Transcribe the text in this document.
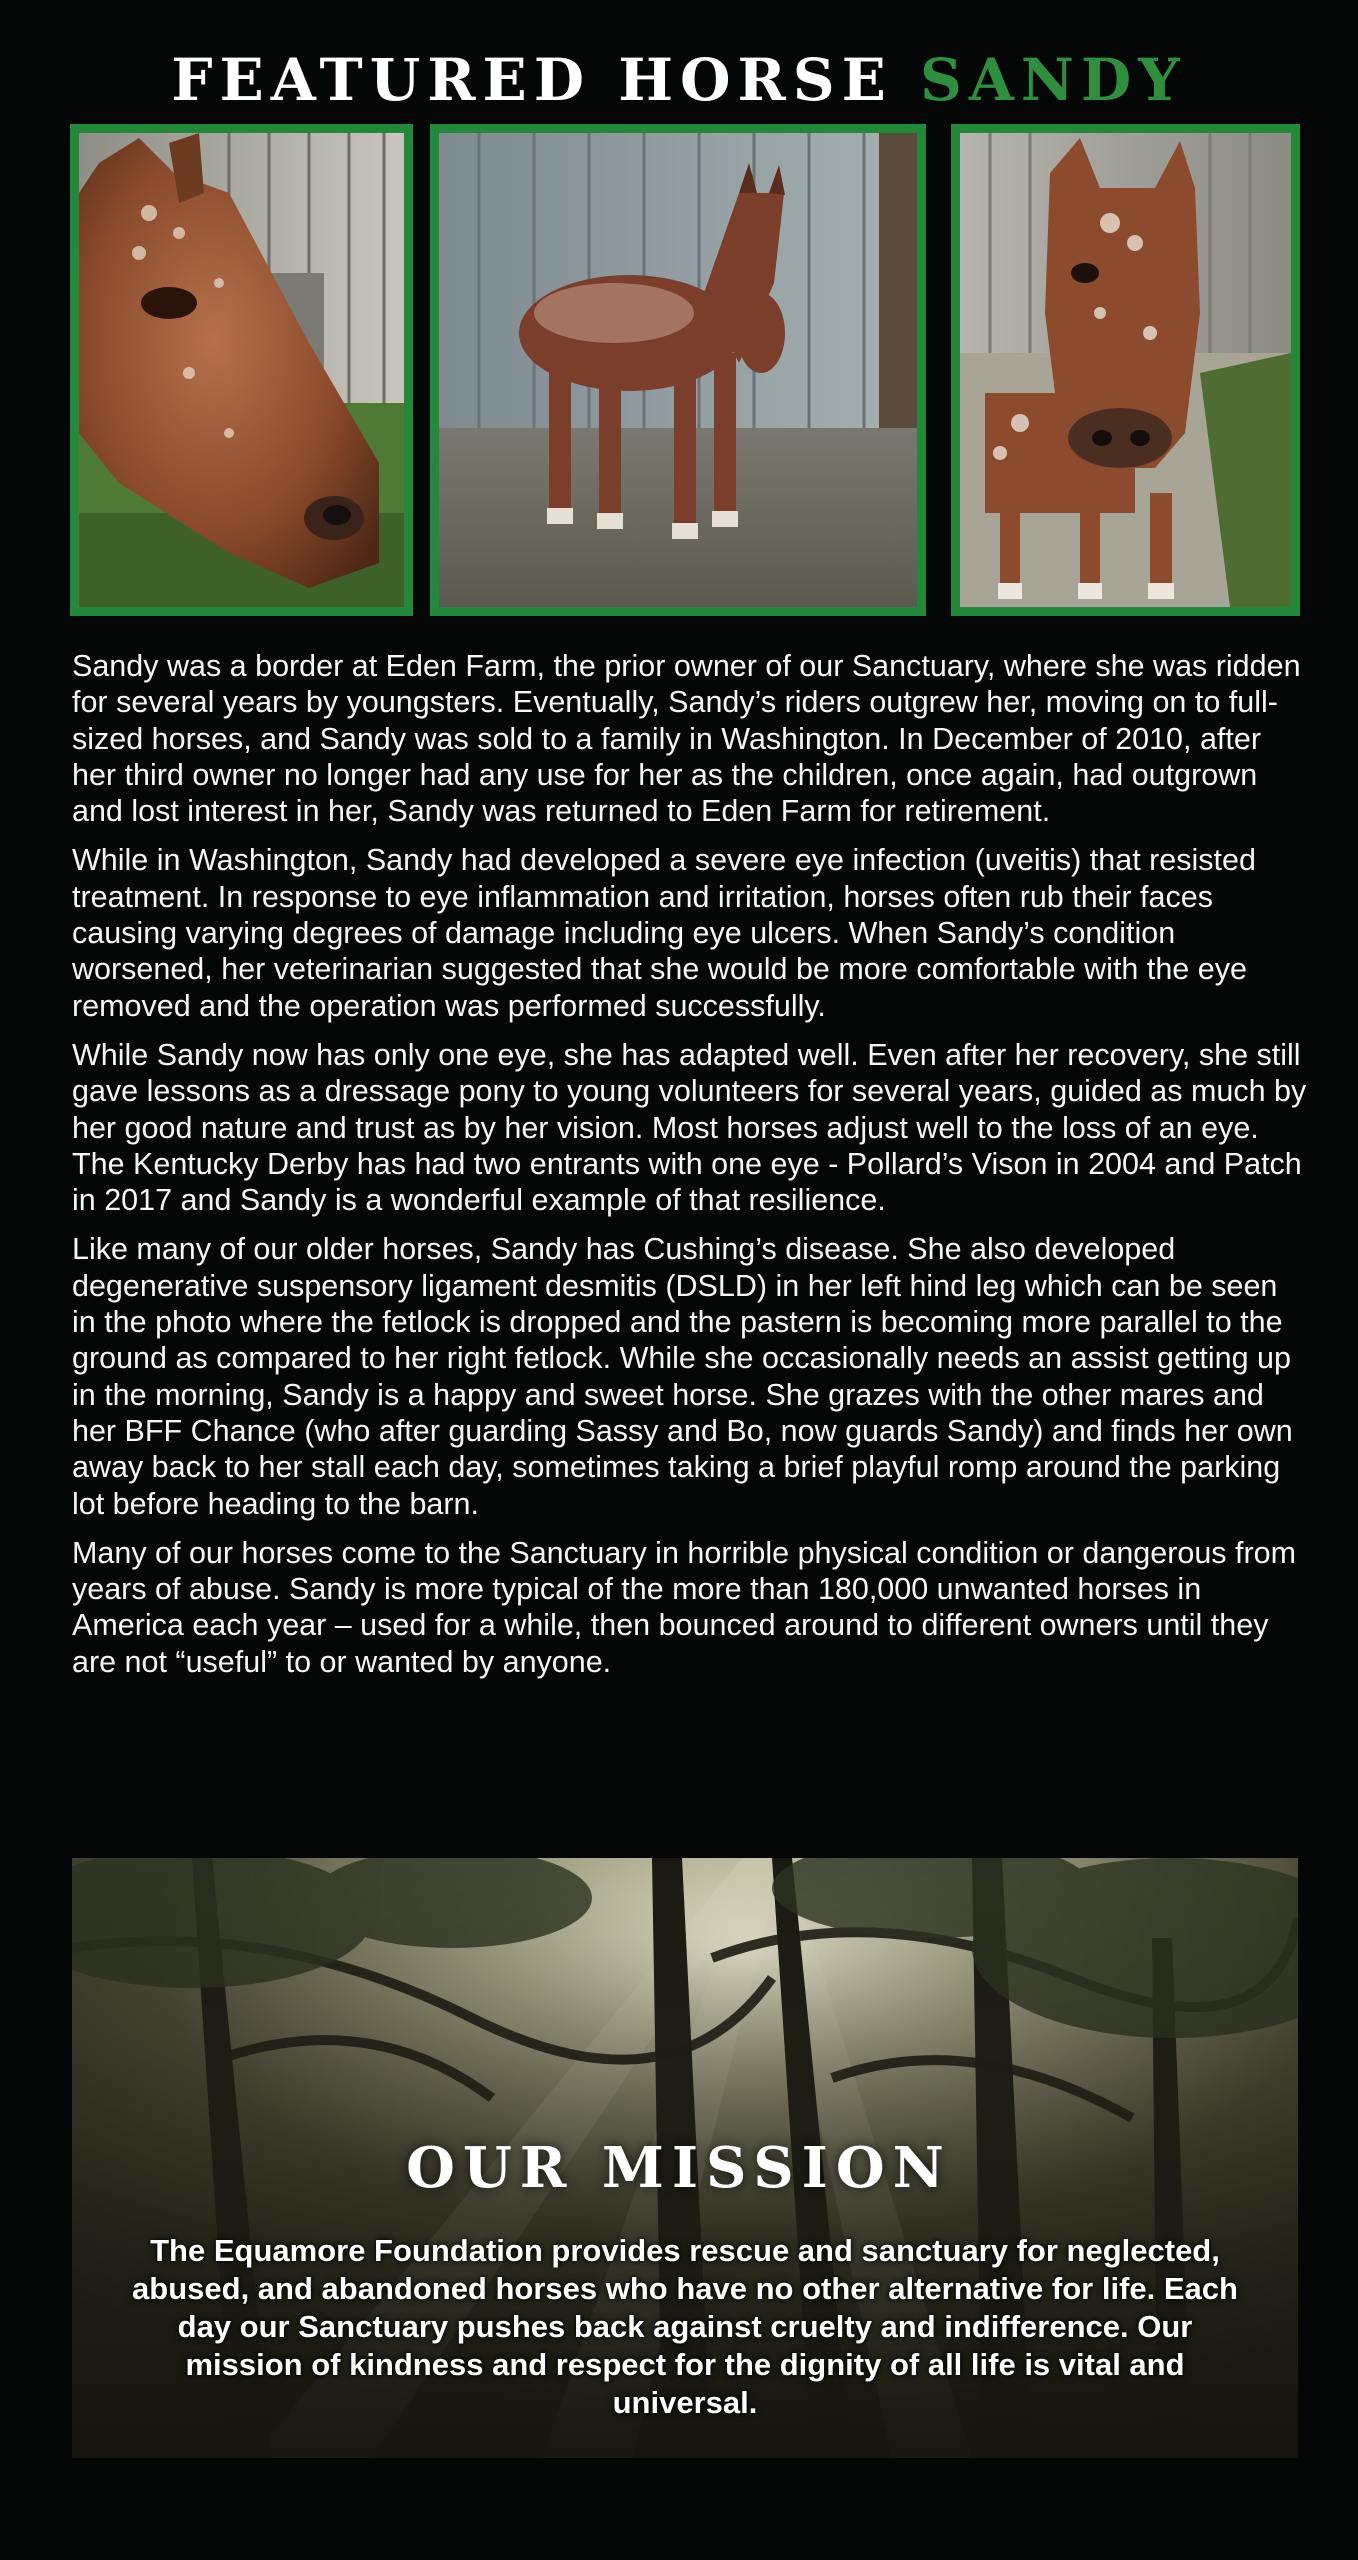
FEATURED HORSE SANDY

Sandy was a border at Eden Farm, the prior owner of our Sanctuary, where she was ridden for several years by youngsters. Eventually, Sandy’s riders outgrew her, moving on to full-sized horses, and Sandy was sold to a family in Washington. In December of 2010, after her third owner no longer had any use for her as the children, once again, had outgrown and lost interest in her, Sandy was returned to Eden Farm for retirement.

While in Washington, Sandy had developed a severe eye infection (uveitis) that resisted treatment. In response to eye inflammation and irritation, horses often rub their faces causing varying degrees of damage including eye ulcers. When Sandy’s condition worsened, her veterinarian suggested that she would be more comfortable with the eye removed and the operation was performed successfully.

While Sandy now has only one eye, she has adapted well. Even after her recovery, she still gave lessons as a dressage pony to young volunteers for several years, guided as much by her good nature and trust as by her vision. Most horses adjust well to the loss of an eye. The Kentucky Derby has had two entrants with one eye - Pollard’s Vison in 2004 and Patch in 2017 and Sandy is a wonderful example of that resilience.

Like many of our older horses, Sandy has Cushing’s disease. She also developed degenerative suspensory ligament desmitis (DSLD) in her left hind leg which can be seen in the photo where the fetlock is dropped and the pastern is becoming more parallel to the ground as compared to her right fetlock. While she occasionally needs an assist getting up in the morning, Sandy is a happy and sweet horse. She grazes with the other mares and her BFF Chance (who after guarding Sassy and Bo, now guards Sandy) and finds her own away back to her stall each day, sometimes taking a brief playful romp around the parking lot before heading to the barn.

Many of our horses come to the Sanctuary in horrible physical condition or dangerous from years of abuse. Sandy is more typical of the more than 180,000 unwanted horses in America each year – used for a while, then bounced around to different owners until they are not “useful” to or wanted by anyone.

OUR MISSION

The Equamore Foundation provides rescue and sanctuary for neglected, abused, and abandoned horses who have no other alternative for life. Each day our Sanctuary pushes back against cruelty and indifference. Our mission of kindness and respect for the dignity of all life is vital and universal.
